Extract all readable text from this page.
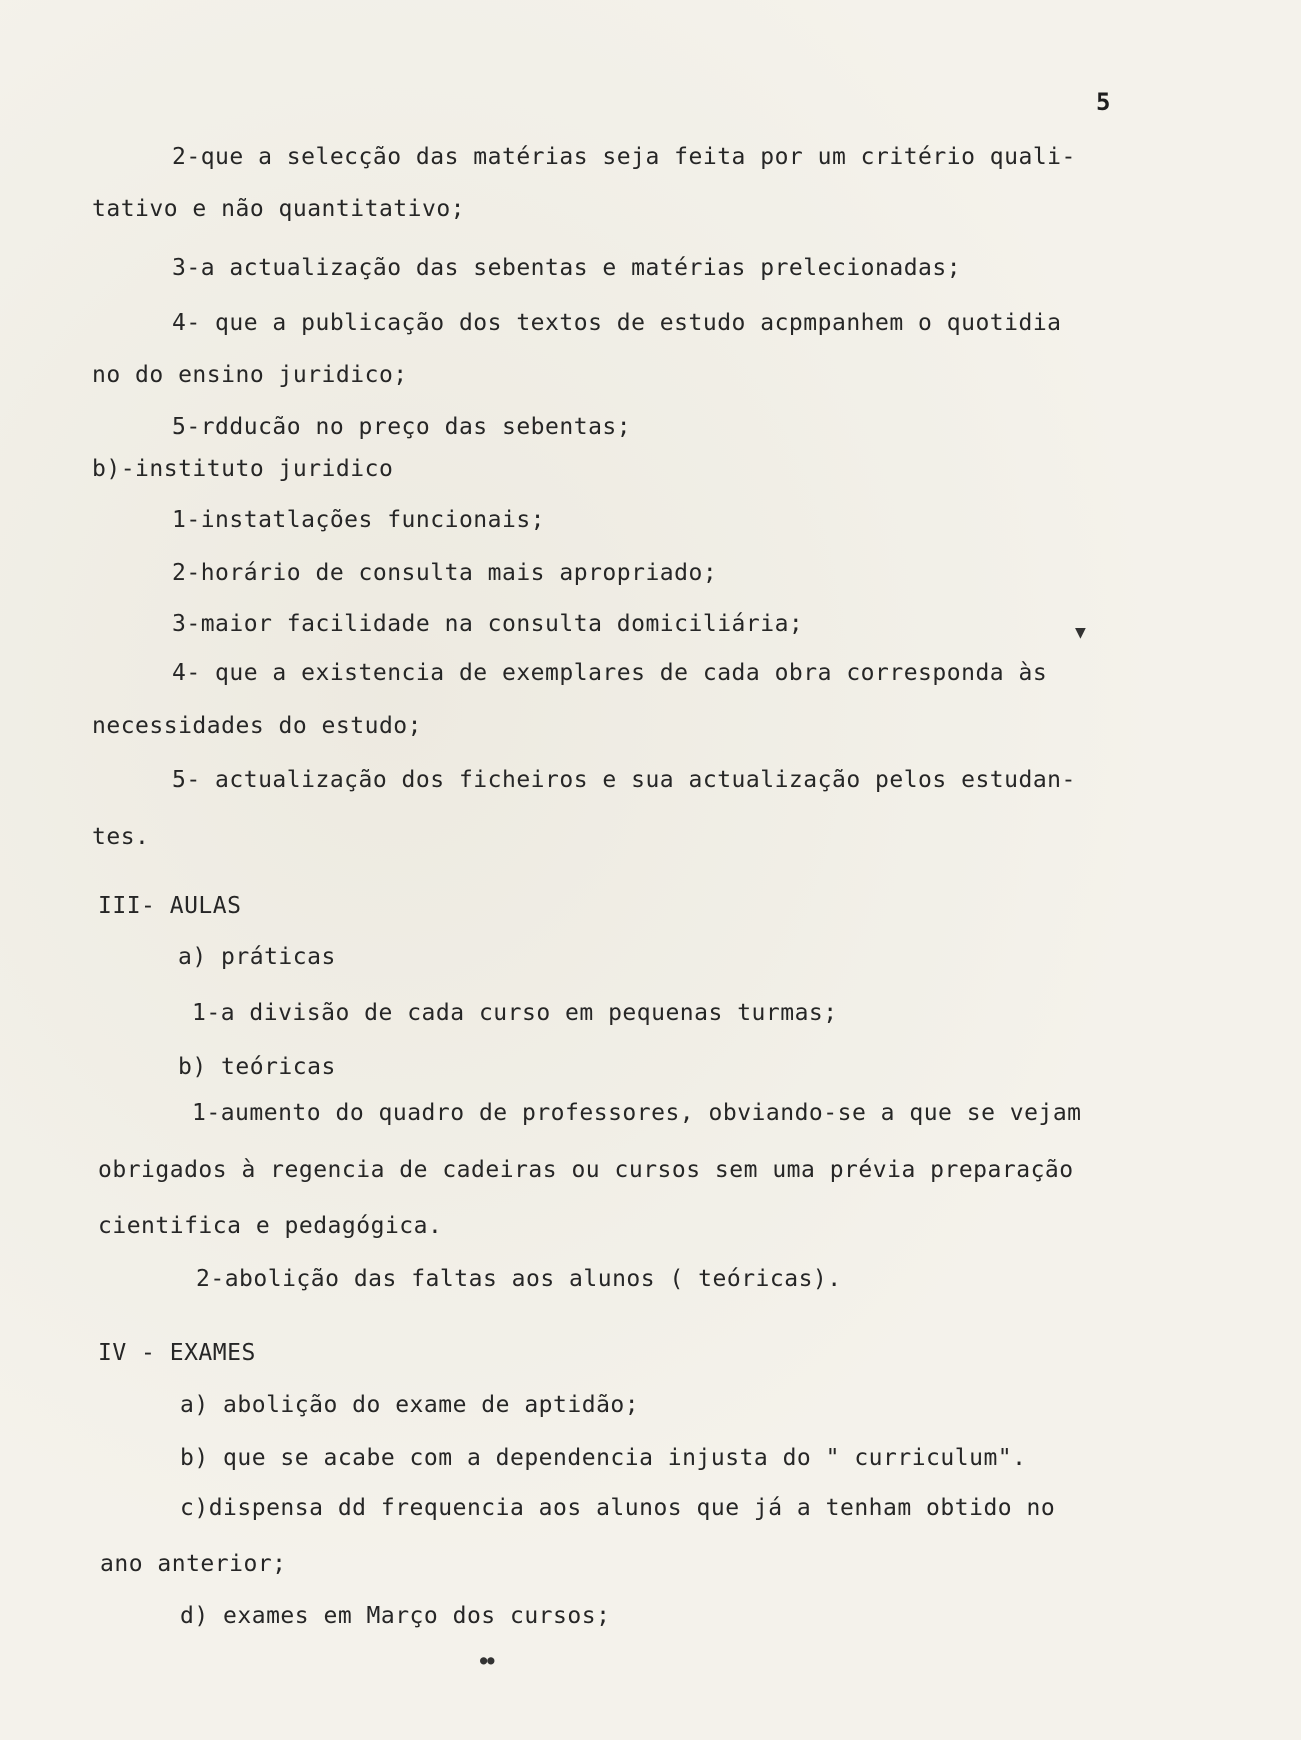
5
2-que a selecção das matérias seja feita por um critério quali-
tativo e não quantitativo;
3-a actualização das sebentas e matérias prelecionadas;
4- que a publicação dos textos de estudo acpmpanhem o quotidia
no do ensino juridico;
5-rdducão no preço das sebentas;
b)-instituto juridico
1-instatlações funcionais;
2-horário de consulta mais apropriado;
3-maior facilidade na consulta domiciliária;
4- que a existencia de exemplares de cada obra corresponda às
necessidades do estudo;
5- actualização dos ficheiros e sua actualização pelos estudan-
tes.
III- AULAS
a) práticas
1-a divisão de cada curso em pequenas turmas;
b) teóricas
1-aumento do quadro de professores, obviando-se a que se vejam
obrigados à regencia de cadeiras ou cursos sem uma prévia preparação
cientifica e pedagógica.
2-abolição das faltas aos alunos ( teóricas).
IV - EXAMES
a) abolição do exame de aptidão;
b) que se acabe com a dependencia injusta do " curriculum".
c)dispensa dd frequencia aos alunos que já a tenham obtido no
ano anterior;
d) exames em Março dos cursos;
▼
●●
